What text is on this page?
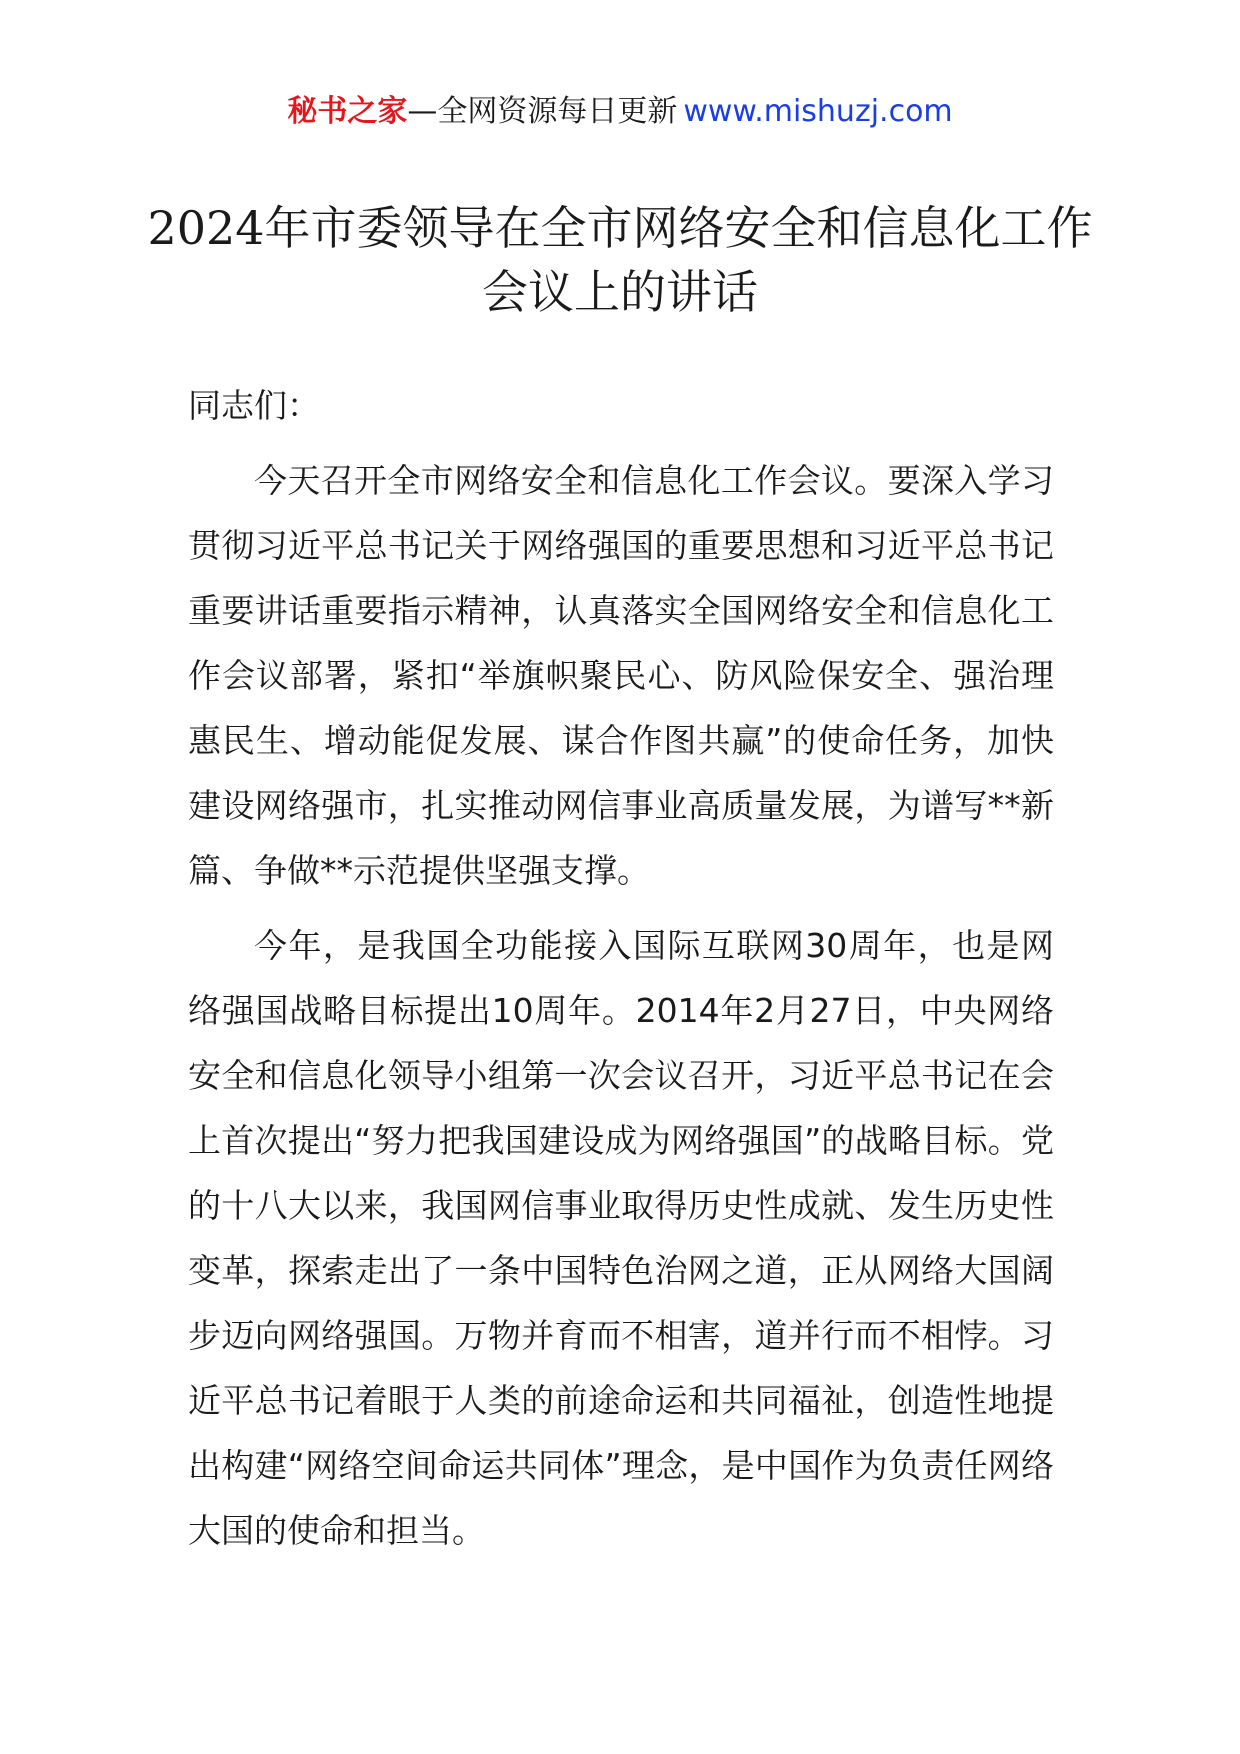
秘书之家—全网资源每日更新 www.mishuzj.com
2024年市委领导在全市网络安全和信息化工作会议上的讲话

同志们：

今天召开全市网络安全和信息化工作会议。要深入学习贯彻习近平总书记关于网络强国的重要思想和习近平总书记重要讲话重要指示精神，认真落实全国网络安全和信息化工作会议部署，紧扣“举旗帜聚民心、防风险保安全、强治理惠民生、增动能促发展、谋合作图共赢”的使命任务，加快建设网络强市，扎实推动网信事业高质量发展，为谱写**新篇、争做**示范提供坚强支撑。

今年，是我国全功能接入国际互联网30周年，也是网络强国战略目标提出10周年。2014年2月27日，中央网络安全和信息化领导小组第一次会议召开，习近平总书记在会上首次提出“努力把我国建设成为网络强国”的战略目标。党的十八大以来，我国网信事业取得历史性成就、发生历史性变革，探索走出了一条中国特色治网之道，正从网络大国阔步迈向网络强国。万物并育而不相害，道并行而不相悖。习近平总书记着眼于人类的前途命运和共同福祉，创造性地提出构建“网络空间命运共同体”理念，是中国作为负责任网络大国的使命和担当。
